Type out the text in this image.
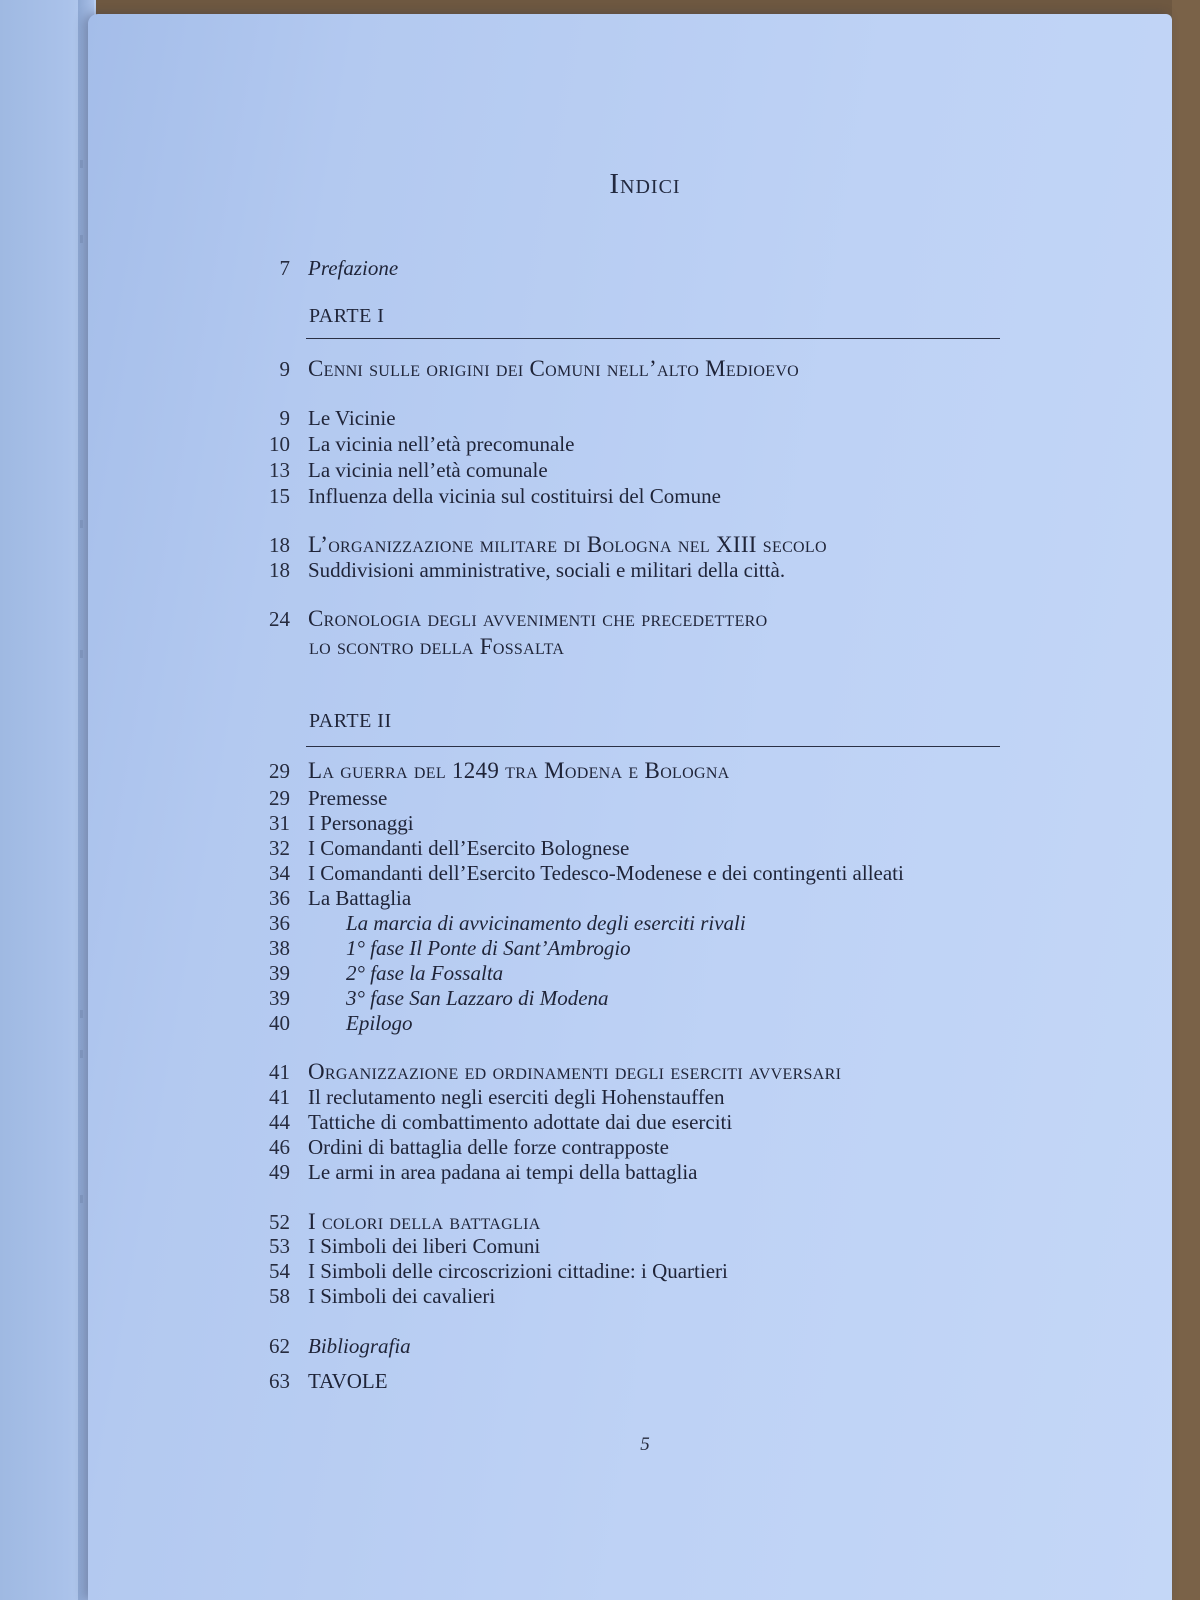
Indici
7 Prefazione
PARTE I
9 Cenni sulle origini dei Comuni nell’alto Medioevo
9 Le Vicinie
10 La vicinia nell’età precomunale
13 La vicinia nell’età comunale
15 Influenza della vicinia sul costituirsi del Comune
18 L’organizzazione militare di Bologna nel XIII secolo
18 Suddivisioni amministrative, sociali e militari della città.
24 Cronologia degli avvenimenti che precedettero
lo scontro della Fossalta
PARTE II
29 La guerra del 1249 tra Modena e Bologna
29 Premesse
31 I Personaggi
32 I Comandanti dell’Esercito Bolognese
34 I Comandanti dell’Esercito Tedesco-Modenese e dei contingenti alleati
36 La Battaglia
36	La marcia di avvicinamento degli eserciti rivali
38	1° fase Il Ponte di Sant’Ambrogio
39	2° fase la Fossalta
39	3° fase San Lazzaro di Modena
40	Epilogo
41 Organizzazione ed ordinamenti degli eserciti avversari
41 Il reclutamento negli eserciti degli Hohenstauffen
44 Tattiche di combattimento adottate dai due eserciti
46 Ordini di battaglia delle forze contrapposte
49 Le armi in area padana ai tempi della battaglia
52 I colori della battaglia
53 I Simboli dei liberi Comuni
54 I Simboli delle circoscrizioni cittadine: i Quartieri
58 I Simboli dei cavalieri
62 Bibliografia
63 TAVOLE
5
